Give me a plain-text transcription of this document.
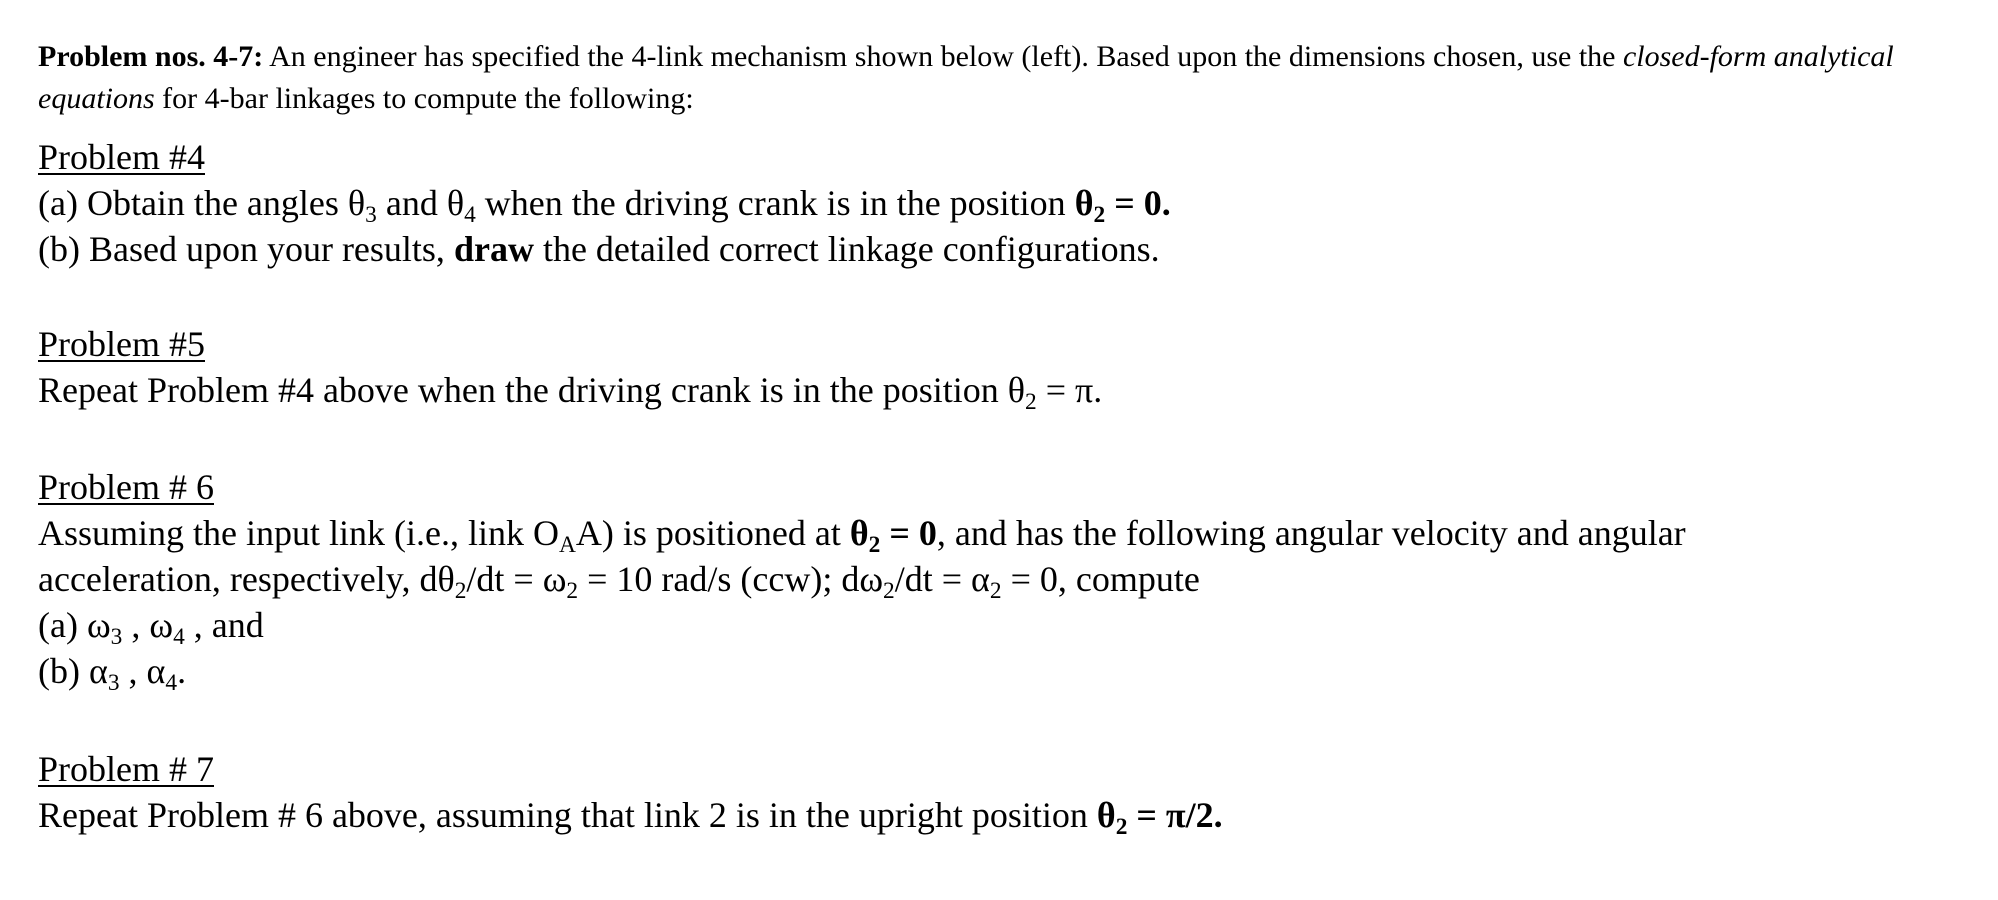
Problem nos. 4-7: An engineer has specified the 4-link mechanism shown below (left). Based upon the dimensions chosen, use the closed-form analytical equations for 4-bar linkages to compute the following:

Problem #4

(a) Obtain the angles $\theta_3$ and $\theta_4$ when the driving crank is in the position $\theta_2 = 0$.

(b) Based upon your results, draw the detailed correct linkage configurations.

Problem #5

Repeat Problem #4 above when the driving crank is in the position $\theta_2 = \pi$.

Problem # 6

Assuming the input link (i.e., link $O_AA$) is positioned at $\theta_2 = 0$, and has the following angular velocity and angular

acceleration, respectively, $d\theta_2/dt = \omega_2 = 10$ rad/s (ccw); $d\omega_2/dt = \alpha_2 = 0$, compute

(a) $\omega_3$ , $\omega_4$ , and

(b) $\alpha_3$ , $\alpha_4$.

Problem # 7

Repeat Problem # 6 above, assuming that link 2 is in the upright position $\theta_2 = \pi/2$.
